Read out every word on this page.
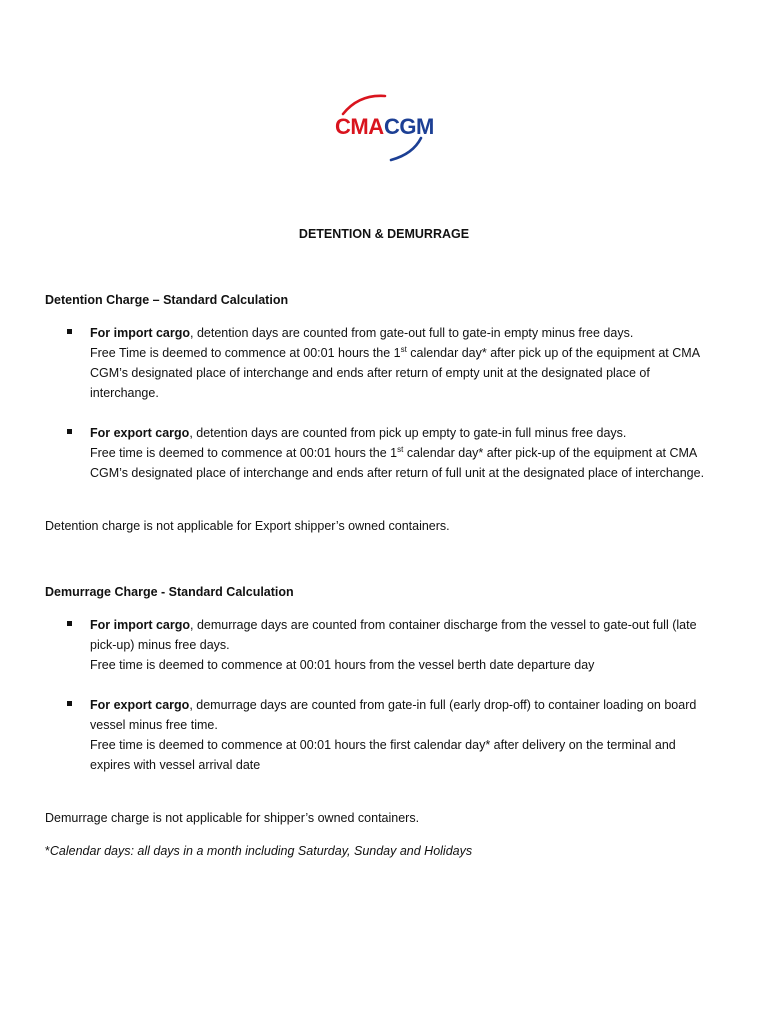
CMA CGM
DETENTION & DEMURRAGE
Detention Charge – Standard Calculation

For import cargo, detention days are counted from gate-out full to gate-in empty minus free days.

Free Time is deemed to commence at 00:01 hours the 1st calendar day* after pick up of the equipment at CMA

CGM’s designated place of interchange and ends after return of empty unit at the designated place of

interchange.

For export cargo, detention days are counted from pick up empty to gate-in full minus free days.

Free time is deemed to commence at 00:01 hours the 1st calendar day* after pick-up of the equipment at CMA

CGM’s designated place of interchange and ends after return of full unit at the designated place of interchange.

Detention charge is not applicable for Export shipper’s owned containers.
Demurrage Charge - Standard Calculation

For import cargo, demurrage days are counted from container discharge from the vessel to gate-out full (late

pick-up) minus free days.

Free time is deemed to commence at 00:01 hours from the vessel berth date departure day

For export cargo, demurrage days are counted from gate-in full (early drop-off) to container loading on board

vessel minus free time.

Free time is deemed to commence at 00:01 hours the first calendar day* after delivery on the terminal and

expires with vessel arrival date

Demurrage charge is not applicable for shipper’s owned containers.
*Calendar days: all days in a month including Saturday, Sunday and Holidays
